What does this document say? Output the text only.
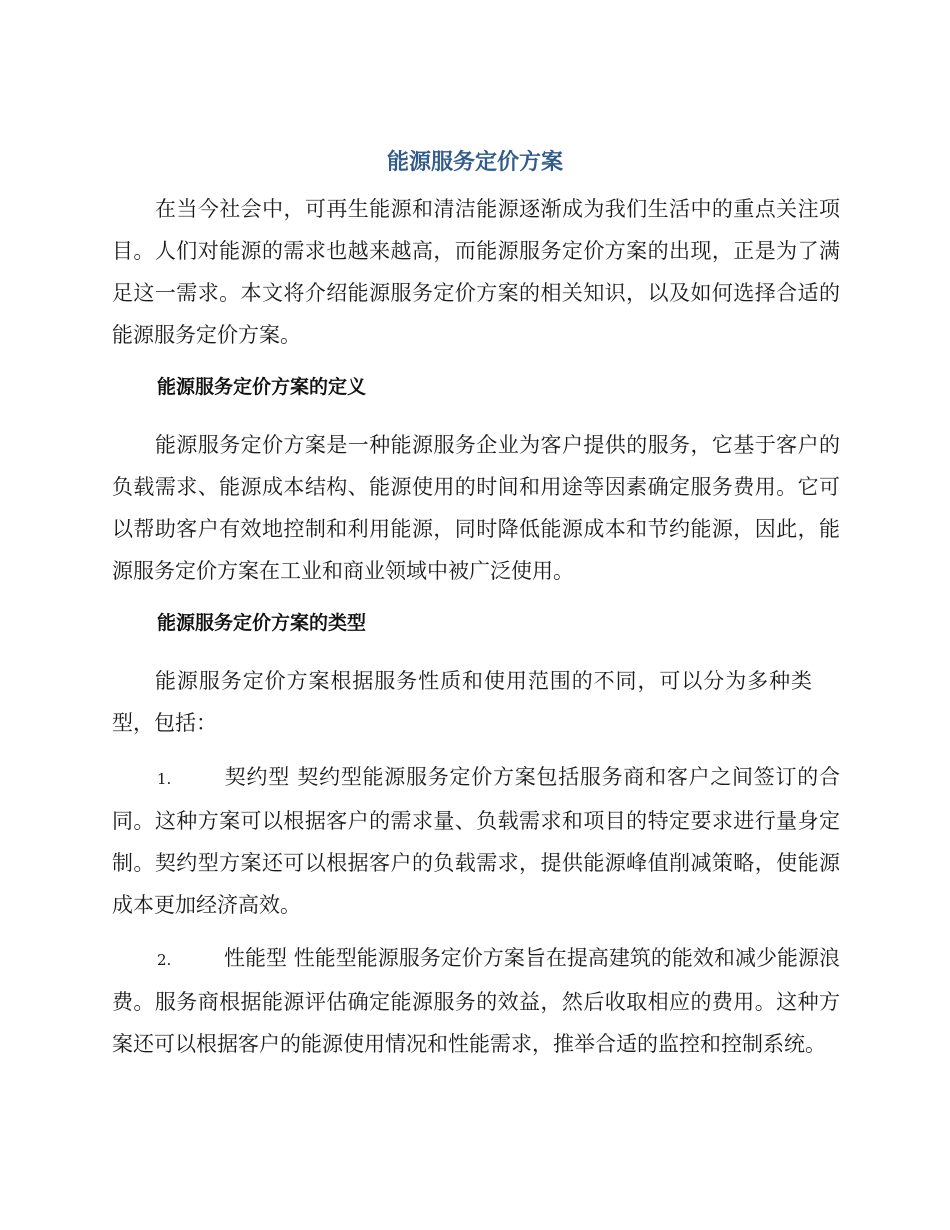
能源服务定价方案

在当今社会中，可再生能源和清洁能源逐渐成为我们生活中的重点关注项目。人们对能源的需求也越来越高，而能源服务定价方案的出现，正是为了满足这一需求。本文将介绍能源服务定价方案的相关知识，以及如何选择合适的能源服务定价方案。

能源服务定价方案的定义

能源服务定价方案是一种能源服务企业为客户提供的服务，它基于客户的负载需求、能源成本结构、能源使用的时间和用途等因素确定服务费用。它可以帮助客户有效地控制和利用能源，同时降低能源成本和节约能源，因此，能源服务定价方案在工业和商业领域中被广泛使用。

能源服务定价方案的类型

能源服务定价方案根据服务性质和使用范围的不同，可以分为多种类型，包括：

1.	契约型 契约型能源服务定价方案包括服务商和客户之间签订的合同。这种方案可以根据客户的需求量、负载需求和项目的特定要求进行量身定制。契约型方案还可以根据客户的负载需求，提供能源峰值削减策略，使能源成本更加经济高效。

2.	性能型 性能型能源服务定价方案旨在提高建筑的能效和减少能源浪费。服务商根据能源评估确定能源服务的效益，然后收取相应的费用。这种方案还可以根据客户的能源使用情况和性能需求，推举合适的监控和控制系统。
